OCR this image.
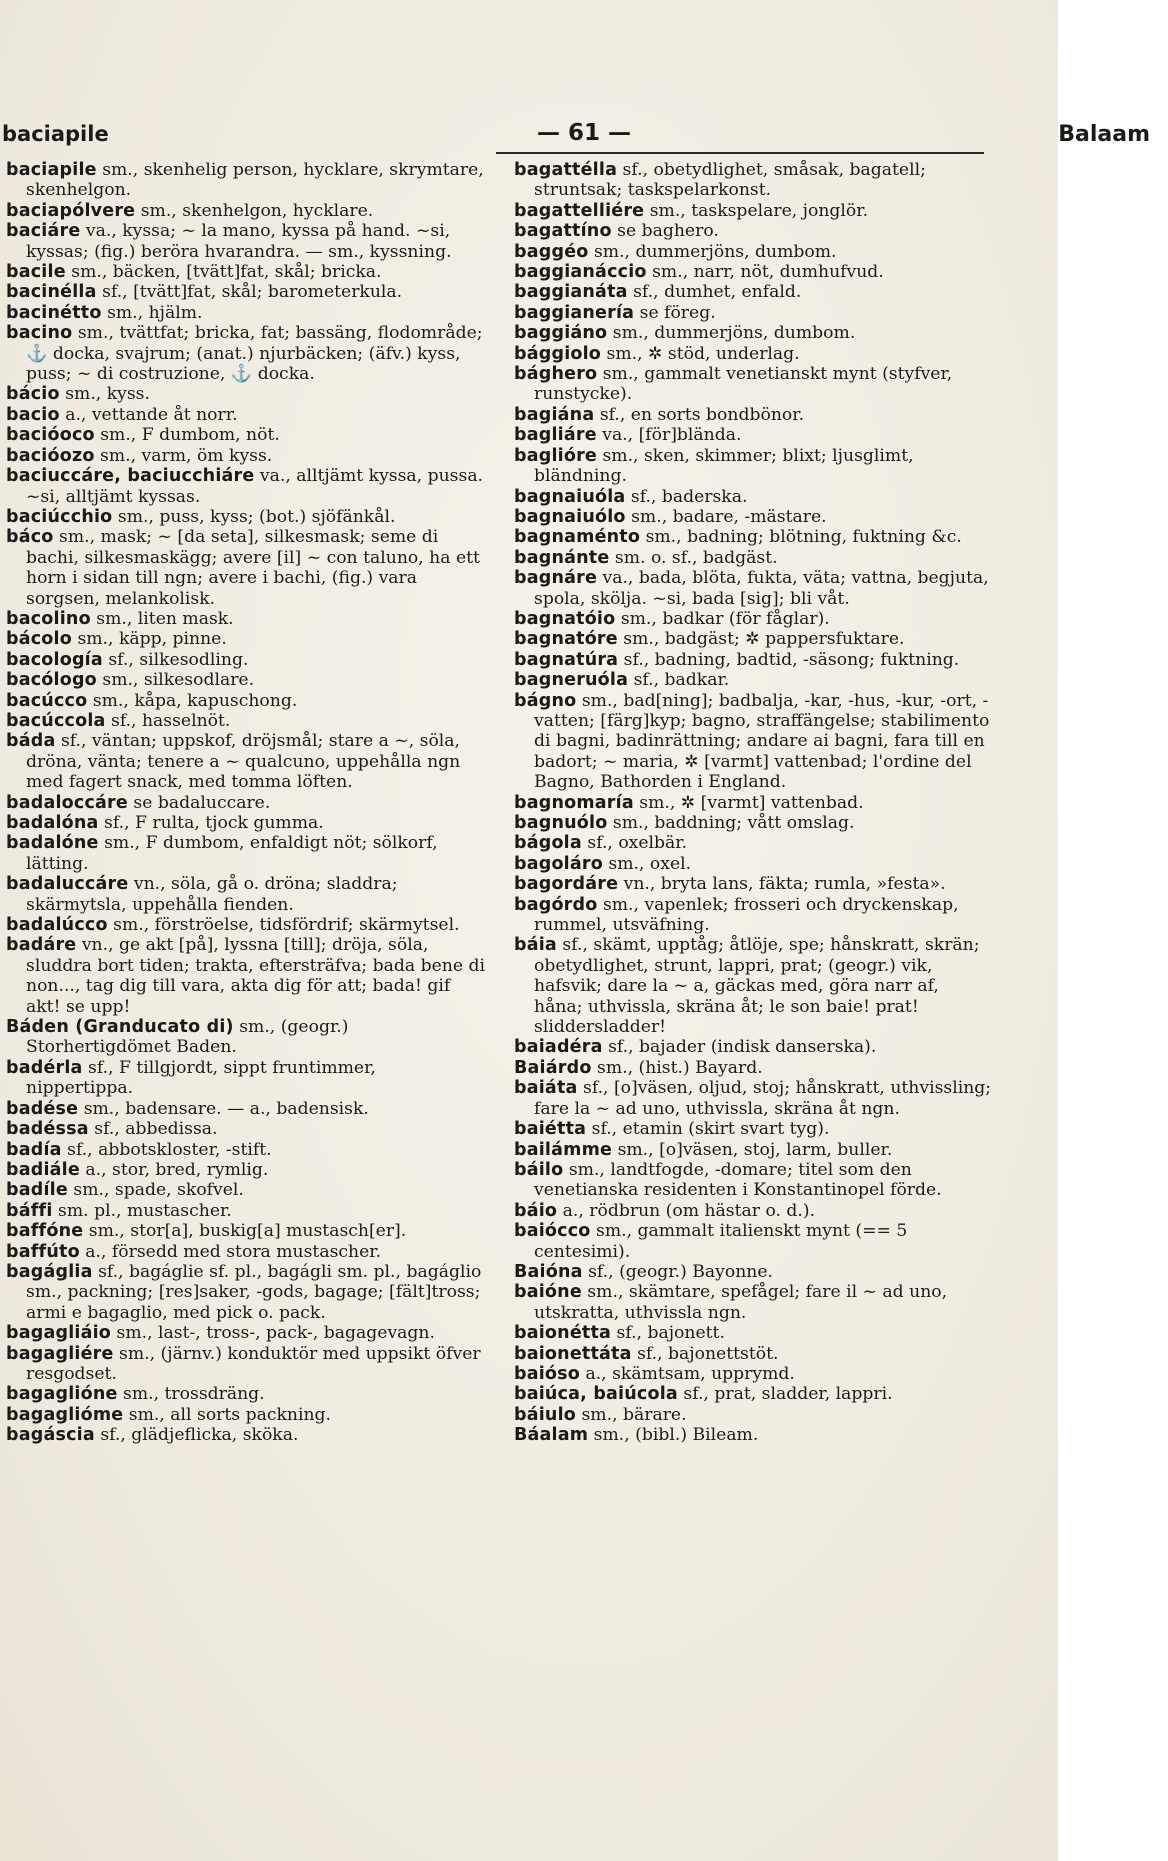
baciapile	— 61 —	Balaam

baciapile sm., skenhelig person, hycklare, skrymtare, skenhelgon.

baciapólvere sm., skenhelgon, hycklare.

baciáre va., kyssa; ~ la mano, kyssa på hand. ~si, kyssas; (fig.) beröra hvarandra. — sm., kyssning.

bacile sm., bäcken, [tvätt]fat, skål; bricka.

bacinélla sf., [tvätt]fat, skål; barometerkula.

bacinétto sm., hjälm.

bacino sm., tvättfat; bricka, fat; bassäng, flodområde; ⚓ docka, svajrum; (anat.) njurbäcken; (äfv.) kyss, puss; ~ di costruzione, ⚓ docka.

bácio sm., kyss.

bacio a., vettande åt norr.

bacióoco sm., F dumbom, nöt.

bacióozo sm., varm, öm kyss.

baciuccáre, baciucchiáre va., alltjämt kyssa, pussa. ~si, alltjämt kyssas.

baciúcchio sm., puss, kyss; (bot.) sjöfänkål.

báco sm., mask; ~ [da seta], silkesmask; seme di bachi, silkesmaskägg; avere [il] ~ con taluno, ha ett horn i sidan till ngn; avere i bachi, (fig.) vara sorgsen, melankolisk.

bacolino sm., liten mask.

bácolo sm., käpp, pinne.

bacología sf., silkesodling.

bacólogo sm., silkesodlare.

bacúcco sm., kåpa, kapuschong.

bacúccola sf., hasselnöt.

báda sf., väntan; uppskof, dröjsmål; stare a ~, söla, dröna, vänta; tenere a ~ qualcuno, uppehålla ngn med fagert snack, med tomma löften.

badaloccáre se badaluccare.

badalóna sf., F rulta, tjock gumma.

badalóne sm., F dumbom, enfaldigt nöt; sölkorf, lätting.

badaluccáre vn., söla, gå o. dröna; sladdra; skärmytsla, uppehålla fienden.

badalúcco sm., förströelse, tidsfördrif; skärmytsel.

badáre vn., ge akt [på], lyssna [till]; dröja, söla, sluddra bort tiden; trakta, eftersträfva; bada bene di non..., tag dig till vara, akta dig för att; bada! gif akt! se upp!

Báden (Granducato di) sm., (geogr.) Storhertigdömet Baden.

badérla sf., F tillgjordt, sippt fruntimmer, nippertippa.

badése sm., badensare. — a., badensisk.

badéssa sf., abbedissa.

badía sf., abbotskloster, -stift.

badiále a., stor, bred, rymlig.

badíle sm., spade, skofvel.

báffi sm. pl., mustascher.

baffóne sm., stor[a], buskig[a] mustasch[er].

baffúto a., försedd med stora mustascher.

bagáglia sf., bagáglie sf. pl., bagágli sm. pl., bagáglio sm., packning; [res]saker, -gods, bagage; [fält]tross; armi e bagaglio, med pick o. pack.

bagagliáio sm., last-, tross-, pack-, bagagevagn.

bagagliére sm., (järnv.) konduktör med uppsikt öfver resgodset.

bagaglióne sm., trossdräng.

bagaglióme sm., all sorts packning.

bagáscia sf., glädjeflicka, sköka.

bagattélla sf., obetydlighet, småsak, bagatell; struntsak; taskspelarkonst.

bagattelliére sm., taskspelare, jonglör.

bagattíno se baghero.

baggéo sm., dummerjöns, dumbom.

baggianáccio sm., narr, nöt, dumhufvud.

baggianáta sf., dumhet, enfald.

baggianería se föreg.

baggiáno sm., dummerjöns, dumbom.

bággiolo sm., ✲ stöd, underlag.

bághero sm., gammalt venetianskt mynt (styfver, runstycke).

bagiána sf., en sorts bondbönor.

bagliáre va., [för]blända.

baglióre sm., sken, skimmer; blixt; ljusglimt, bländning.

bagnaiuóla sf., baderska.

bagnaiuólo sm., badare, -mästare.

bagnaménto sm., badning; blötning, fuktning &c.

bagnánte sm. o. sf., badgäst.

bagnáre va., bada, blöta, fukta, väta; vattna, begjuta, spola, skölja. ~si, bada [sig]; bli våt.

bagnatóio sm., badkar (för fåglar).

bagnatóre sm., badgäst; ✲ pappersfuktare.

bagnatúra sf., badning, badtid, -säsong; fuktning.

bagneruóla sf., badkar.

bágno sm., bad[ning]; badbalja, -kar, -hus, -kur, -ort, -vatten; [färg]kyp; bagno, straffängelse; stabilimento di bagni, badinrättning; andare ai bagni, fara till en badort; ~ maria, ✲ [varmt] vattenbad; l'ordine del Bagno, Bathorden i England.

bagnomaría sm., ✲ [varmt] vattenbad.

bagnuólo sm., baddning; vått omslag.

bágola sf., oxelbär.

bagoláro sm., oxel.

bagordáre vn., bryta lans, fäkta; rumla, »festa».

bagórdo sm., vapenlek; frosseri och dryckenskap, rummel, utsväfning.

báia sf., skämt, upptåg; åtlöje, spe; hånskratt, skrän; obetydlighet, strunt, lappri, prat; (geogr.) vik, hafsvik; dare la ~ a, gäckas med, göra narr af, håna; uthvissla, skräna åt; le son baie! prat! sliddersladder!

baiadéra sf., bajader (indisk danserska).

Baiárdo sm., (hist.) Bayard.

baiáta sf., [o]väsen, oljud, stoj; hånskratt, uthvissling; fare la ~ ad uno, uthvissla, skräna åt ngn.

baiétta sf., etamin (skirt svart tyg).

bailámme sm., [o]väsen, stoj, larm, buller.

báilo sm., landtfogde, -domare; titel som den venetianska residenten i Konstantinopel förde.

báio a., rödbrun (om hästar o. d.).

baiócco sm., gammalt italienskt mynt (== 5 centesimi).

Baióna sf., (geogr.) Bayonne.

baióne sm., skämtare, spefågel; fare il ~ ad uno, utskratta, uthvissla ngn.

baionétta sf., bajonett.

baionettáta sf., bajonettstöt.

baióso a., skämtsam, upprymd.

baiúca, baiúcola sf., prat, sladder, lappri.

báiulo sm., bärare.

Báalam sm., (bibl.) Bileam.
